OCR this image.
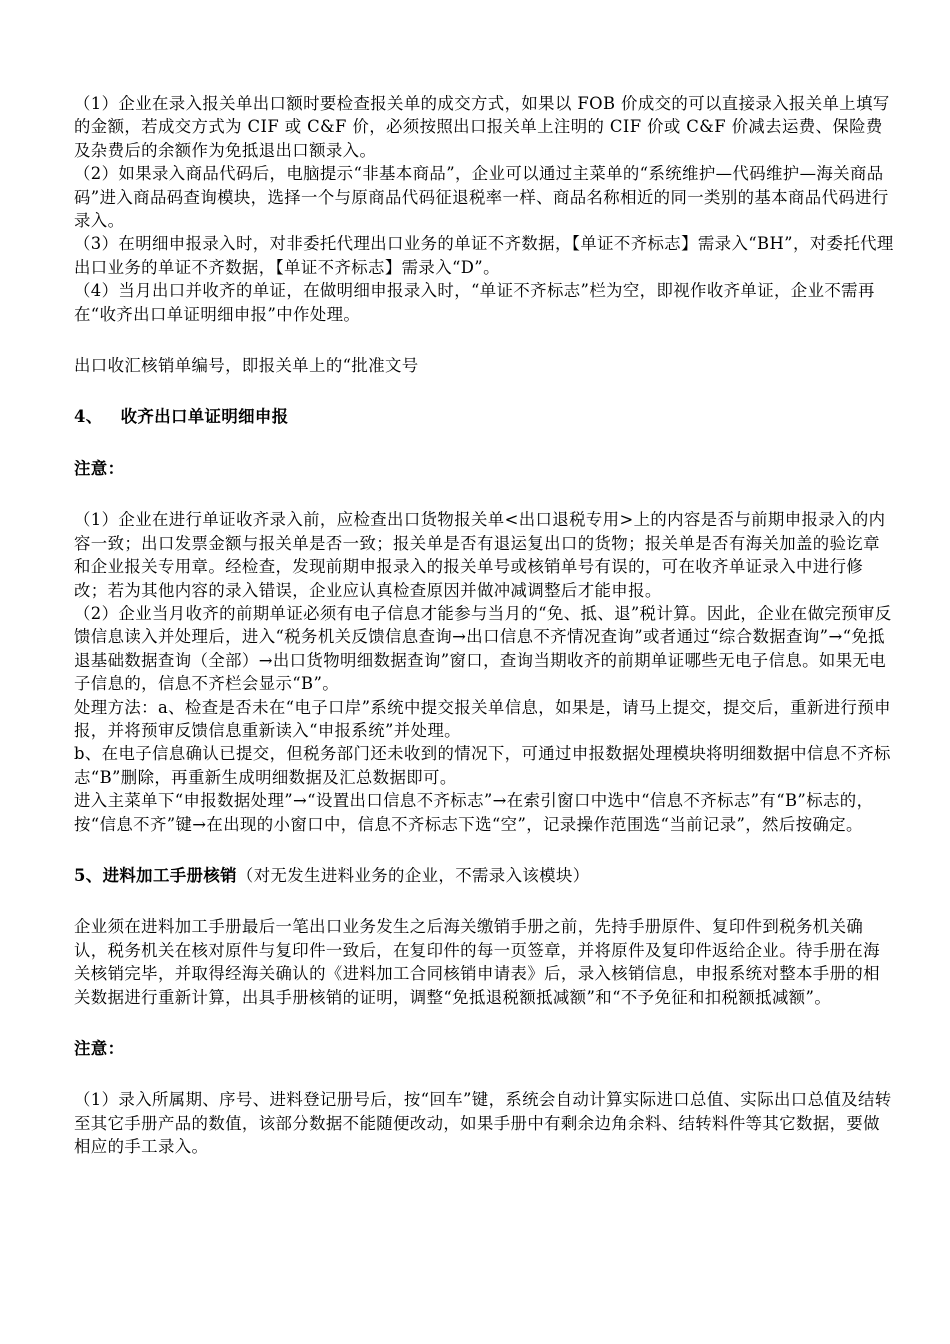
（1）企业在录入报关单出口额时要检查报关单的成交方式，如果以 FOB 价成交的可以直接录入报关单上填写的金额，若成交方式为 CIF 或 C&F 价，必须按照出口报关单上注明的 CIF 价或 C&F 价减去运费、保险费及杂费后的余额作为免抵退出口额录入。

（2）如果录入商品代码后，电脑提示“非基本商品”，企业可以通过主菜单的“系统维护—代码维护—海关商品码”进入商品码查询模块，选择一个与原商品代码征退税率一样、商品名称相近的同一类别的基本商品代码进行录入。

（3）在明细申报录入时，对非委托代理出口业务的单证不齐数据，【单证不齐标志】需录入“BH”，对委托代理出口业务的单证不齐数据，【单证不齐标志】需录入“D”。

（4）当月出口并收齐的单证，在做明细申报录入时，“单证不齐标志”栏为空，即视作收齐单证，企业不需再在“收齐出口单证明细申报”中作处理。

出口收汇核销单编号，即报关单上的“批准文号

4、 收齐出口单证明细申报

注意：

（1）企业在进行单证收齐录入前，应检查出口货物报关单<出口退税专用>上的内容是否与前期申报录入的内容一致；出口发票金额与报关单是否一致；报关单是否有退运复出口的货物；报关单是否有海关加盖的验讫章和企业报关专用章。经检查，发现前期申报录入的报关单号或核销单号有误的，可在收齐单证录入中进行修改；若为其他内容的录入错误，企业应认真检查原因并做冲减调整后才能申报。

（2）企业当月收齐的前期单证必须有电子信息才能参与当月的“免、抵、退”税计算。因此，企业在做完预审反馈信息读入并处理后，进入“税务机关反馈信息查询→出口信息不齐情况查询”或者通过“综合数据查询”→“免抵退基础数据查询（全部）→出口货物明细数据查询”窗口，查询当期收齐的前期单证哪些无电子信息。如果无电子信息的，信息不齐栏会显示“B”。

处理方法：a、检查是否未在“电子口岸”系统中提交报关单信息，如果是，请马上提交，提交后，重新进行预申报，并将预审反馈信息重新读入“申报系统”并处理。

b、在电子信息确认已提交，但税务部门还未收到的情况下，可通过申报数据处理模块将明细数据中信息不齐标志“B”删除，再重新生成明细数据及汇总数据即可。

进入主菜单下“申报数据处理”→“设置出口信息不齐标志”→在索引窗口中选中“信息不齐标志”有“B”标志的，按“信息不齐”键→在出现的小窗口中，信息不齐标志下选“空”，记录操作范围选“当前记录”，然后按确定。

5、进料加工手册核销（对无发生进料业务的企业，不需录入该模块）

企业须在进料加工手册最后一笔出口业务发生之后海关缴销手册之前，先持手册原件、复印件到税务机关确认，税务机关在核对原件与复印件一致后，在复印件的每一页签章，并将原件及复印件返给企业。待手册在海关核销完毕，并取得经海关确认的《进料加工合同核销申请表》后，录入核销信息，申报系统对整本手册的相关数据进行重新计算，出具手册核销的证明，调整“免抵退税额抵减额”和“不予免征和扣税额抵减额”。

注意：

（1）录入所属期、序号、进料登记册号后，按“回车”键，系统会自动计算实际进口总值、实际出口总值及结转至其它手册产品的数值，该部分数据不能随便改动，如果手册中有剩余边角余料、结转料件等其它数据，要做相应的手工录入。
